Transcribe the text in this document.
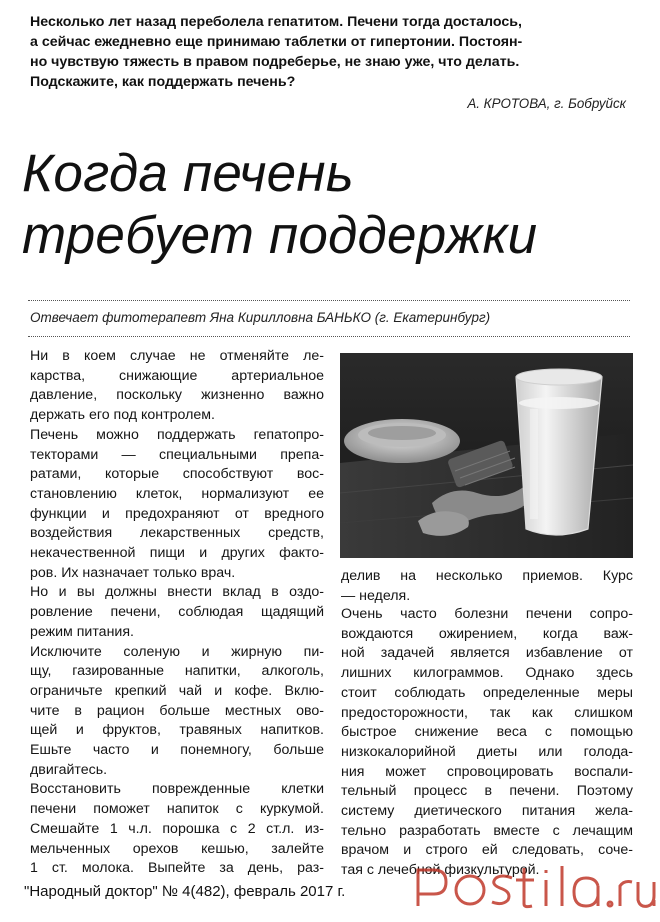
Несколько лет назад переболела гепатитом. Печени тогда досталось,
а сейчас ежедневно еще принимаю таблетки от гипертонии. Постоян-
но чувствую тяжесть в правом подреберье, не знаю уже, что делать.
Подскажите, как поддержать печень?
А. КРОТОВА, г. Бобруйск
Когда печень
требует поддержки
Отвечает фитотерапевт Яна Кирилловна БАНЬКО (г. Екатеринбург)
Ни в коем случае не отменяйте ле-
карства, снижающие артериальное
давление, поскольку жизненно важно
держать его под контролем.
Печень можно поддержать гепатопро-
текторами — специальными препа-
ратами, которые способствуют вос-
становлению клеток, нормализуют ее
функции и предохраняют от вредного
воздействия лекарственных средств,
некачественной пищи и других факто-
ров. Их назначает только врач.
Но и вы должны внести вклад в оздо-
ровление печени, соблюдая щадящий
режим питания.
Исключите соленую и жирную пи-
щу, газированные напитки, алкоголь,
ограничьте крепкий чай и кофе. Вклю-
чите в рацион больше местных ово-
щей и фруктов, травяных напитков.
Ешьте часто и понемногу, больше
двигайтесь.
Восстановить поврежденные клетки
печени поможет напиток с куркумой.
Смешайте 1 ч.л. порошка с 2 ст.л. из-
мельченных орехов кешью, залейте
1 ст. молока. Выпейте за день, раз-
делив на несколько приемов. Курс
— неделя.
Очень часто болезни печени сопро-
вождаются ожирением, когда важ-
ной задачей является избавление от
лишних килограммов. Однако здесь
стоит соблюдать определенные меры
предосторожности, так как слишком
быстрое снижение веса с помощью
низкокалорийной диеты или голода-
ния может спровоцировать воспали-
тельный процесс в печени. Поэтому
систему диетического питания жела-
тельно разработать вместе с лечащим
врачом и строго ей следовать, соче-
тая с лечебной физкультурой.
"Народный доктор" № 4(482), февраль 2017 г.
